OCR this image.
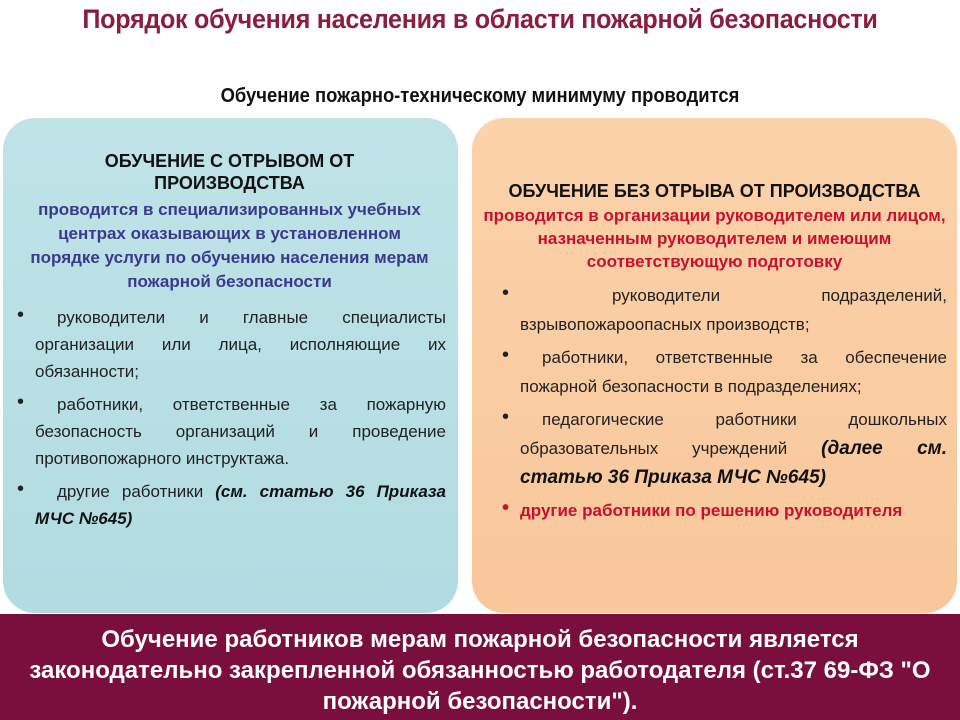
Порядок обучения населения в области пожарной безопасности
Обучение пожарно-техническому минимуму проводится
ОБУЧЕНИЕ С ОТРЫВОМ ОТ ПРОИЗВОДСТВА
проводится в специализированных учебных центрах оказывающих в установленном порядке услуги по обучению населения мерам пожарной безопасности
• руководители и главные специалисты организации или лица, исполняющие их обязанности;
• работники, ответственные за пожарную безопасность организаций и проведение противопожарного инструктажа.
• другие работники (см. статью 36 Приказа МЧС №645)
ОБУЧЕНИЕ БЕЗ ОТРЫВА ОТ ПРОИЗВОДСТВА
проводится в организации руководителем или лицом, назначенным руководителем и имеющим соответствующую подготовку
•	руководители подразделений, взрывопожароопасных производств;
• работники, ответственные за обеспечение пожарной безопасности в подразделениях;
• педагогические работники дошкольных образовательных учреждений (далее см. статью 36 Приказа МЧС №645)
• другие работники по решению руководителя
Обучение работников мерам пожарной безопасности является законодательно закрепленной обязанностью работодателя (ст.37 69-ФЗ "О пожарной безопасности").
